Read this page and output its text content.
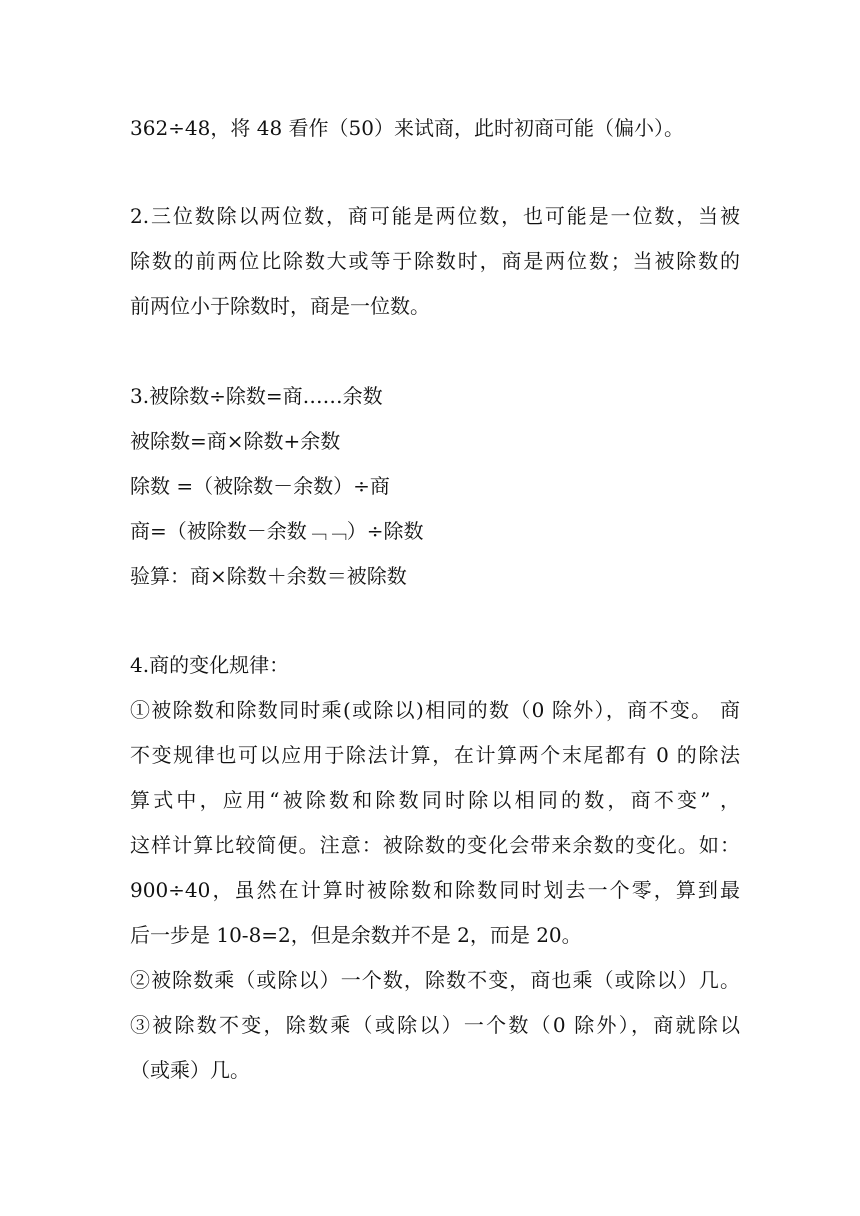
362÷48，将 48 看作（50）来试商，此时初商可能（偏小）。
2.三位数除以两位数，商可能是两位数，也可能是一位数，当被
除数的前两位比除数大或等于除数时，商是两位数；当被除数的
前两位小于除数时，商是一位数。
3.被除数÷除数=商……余数
被除数=商×除数+余数
除数 =（被除数－余数）÷商
商=（被除数－余数﹁﹁）÷除数
验算：商×除数＋余数＝被除数
4.商的变化规律：
①被除数和除数同时乘(或除以)相同的数（0 除外），商不变。 商
不变规律也可以应用于除法计算，在计算两个末尾都有 0 的除法
算式中，应用“被除数和除数同时除以相同的数，商不变” ，
这样计算比较简便。注意：被除数的变化会带来余数的变化。如：
900÷40，虽然在计算时被除数和除数同时划去一个零，算到最
后一步是 10-8=2，但是余数并不是 2，而是 20。
②被除数乘（或除以）一个数，除数不变，商也乘（或除以）几。
③被除数不变，除数乘（或除以）一个数（0 除外），商就除以
（或乘）几。
